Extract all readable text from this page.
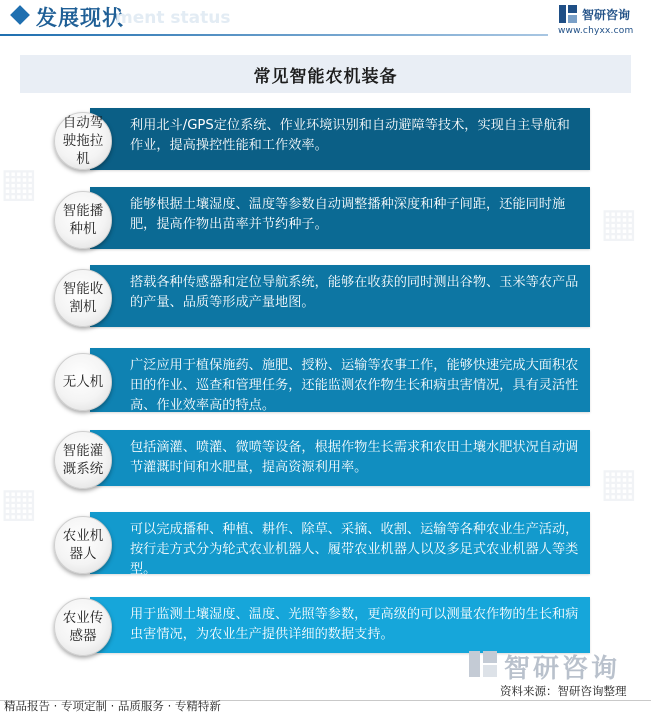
发展现状
ment status	智研咨询
www.chyxx.com
▦
▦
▦
▦
常见智能农机装备
利用北斗/GPS定位系统、作业环境识别和自动避障等技术，实现自主导航和作业，提高操控性能和工作效率。
自动驾驶拖拉机
能够根据土壤湿度、温度等参数自动调整播种深度和种子间距，还能同时施肥，提高作物出苗率并节约种子。
智能播种机
搭载各种传感器和定位导航系统，能够在收获的同时测出谷物、玉米等农产品的产量、品质等形成产量地图。
智能收割机
广泛应用于植保施药、施肥、授粉、运输等农事工作，能够快速完成大面积农田的作业、巡查和管理任务，还能监测农作物生长和病虫害情况，具有灵活性高、作业效率高的特点。
无人机
包括滴灌、喷灌、微喷等设备，根据作物生长需求和农田土壤水肥状况自动调节灌溉时间和水肥量，提高资源利用率。
智能灌溉系统
可以完成播种、种植、耕作、除草、采摘、收割、运输等各种农业生产活动，按行走方式分为轮式农业机器人、履带农业机器人以及多足式农业机器人等类型。
农业机器人
用于监测土壤湿度、温度、光照等参数，更高级的可以测量农作物的生长和病虫害情况，为农业生产提供详细的数据支持。
农业传感器
智研咨询
资料来源：智研咨询整理
精品报告 · 专项定制 · 品质服务 · 专精特新
